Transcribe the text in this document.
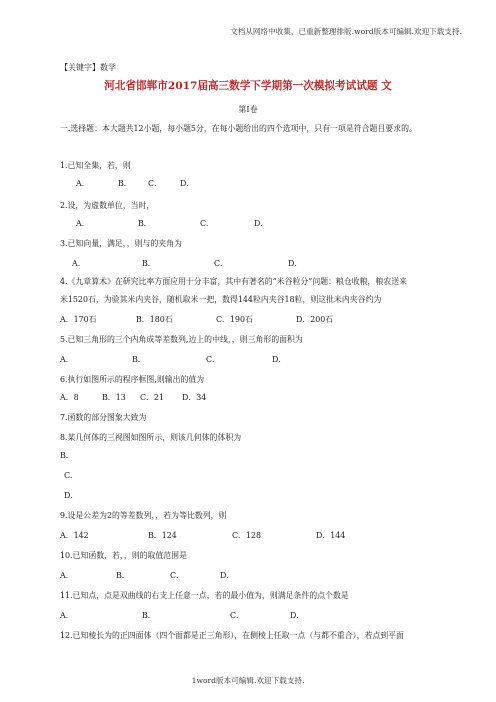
文档从网络中收集，已重新整理排版.word版本可编辑.欢迎下载支持.
【关键字】数学
河北省邯郸市2017届高三数学下学期第一次模拟考试试题 文
第Ⅰ卷
一.选择题：本大题共12小题，每小题5分，在每小题给出的四个选项中，只有一项是符合题目要求的。
1.已知全集，若，则
A．	B． C． D．
2.设，为虚数单位，当时，
A．	B．	C．	D．
3.已知向量，满足，，则与的夹角为
A．	B．	C．	D．
4.《九章算术》在研究比率方面应用十分丰富，其中有著名的“米谷粒分”问题：粮仓收粮，粮农送来
米1520石，为验其米内夹谷，随机取米一把，数得144粒内夹谷18粒，则这批米内夹谷约为
A．170石	B．180石	C．190石	D．200石
5.已知三角形的三个内角成等差数列,边上的中线，，则三角形的面积为
A．	B．	C．	D．
6.执行如图所示的程序框图,则输出的值为
A．8	B．13 C．21 D．34
7.函数的部分图象大致为
8.某几何体的三视图如图所示，则该几何体的体积为
B．
C．
D．
9.设是公差为2的等差数列，，若为等比数列，则
A．142	B．124	C．128	D．144
10.已知函数，若，，则的取值范围是
A．	B．	C．	D．
11.已知点，点是双曲线的右支上任意一点，若的最小值为，则满足条件的点个数是
A．	B．	C．	D．
12.已知棱长为的正四面体（四个面都是正三角形），在侧棱上任取一点（与都不重合），若点到平面
1word版本可编辑.欢迎下载支持.
